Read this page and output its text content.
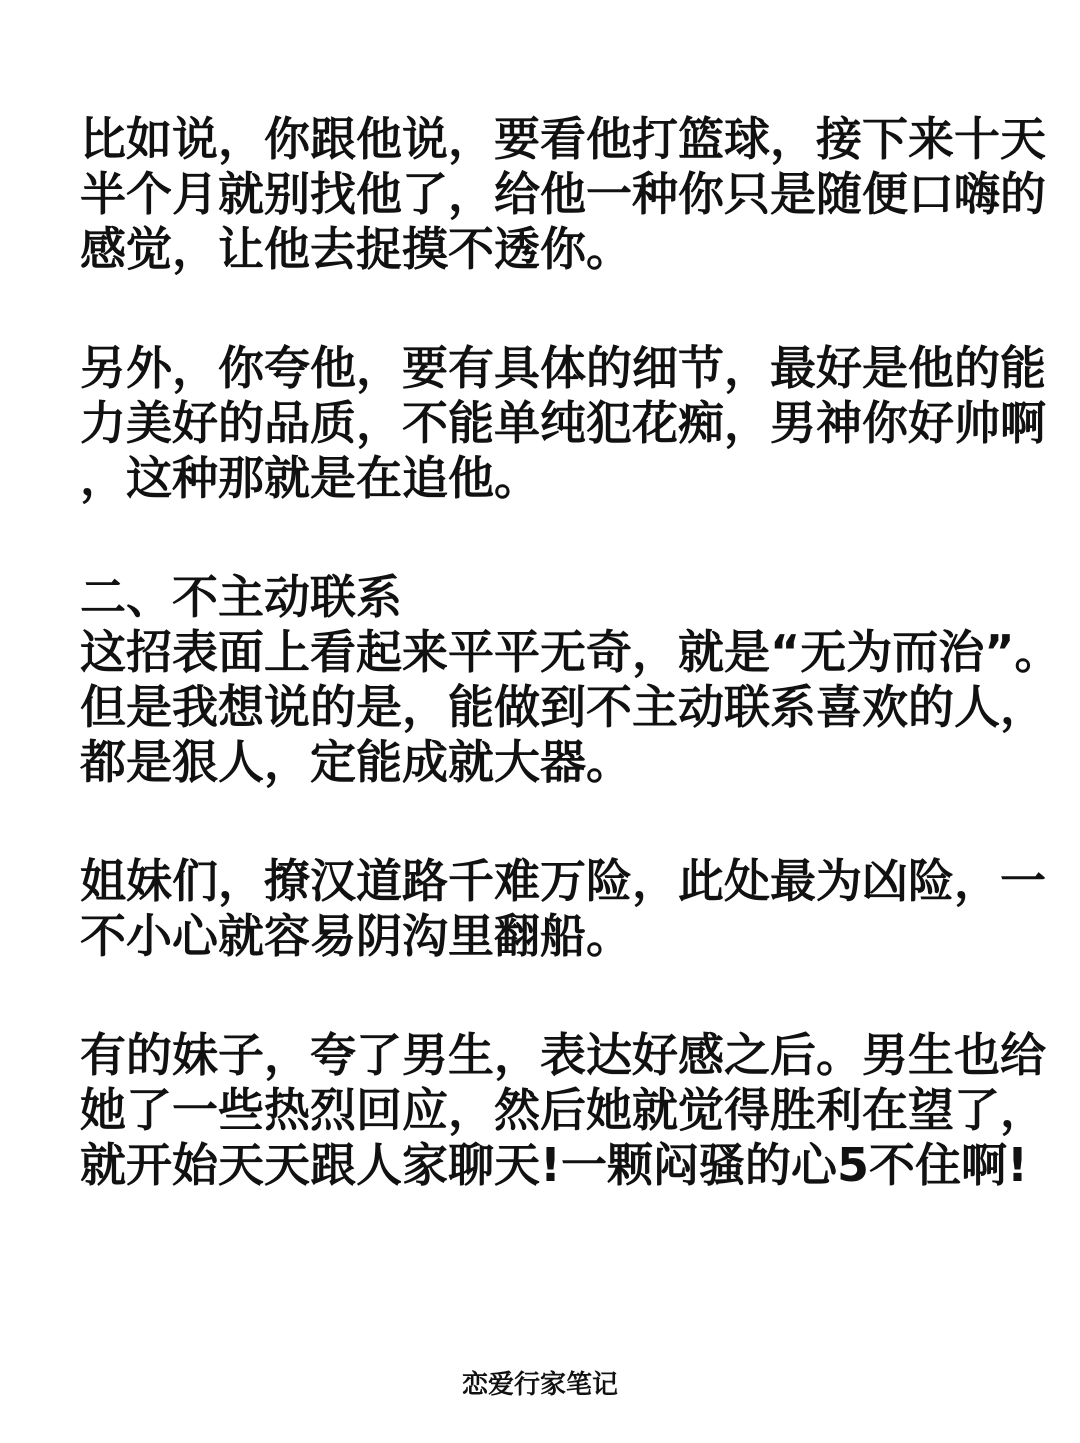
比如说，你跟他说，要看他打篮球，接下来十天
半个月就别找他了，给他一种你只是随便口嗨的
感觉，让他去捉摸不透你。
另外，你夸他，要有具体的细节，最好是他的能
力美好的品质，不能单纯犯花痴，男神你好帅啊
，这种那就是在追他。
二、不主动联系
这招表面上看起来平平无奇，就是“无为而治”。
但是我想说的是，能做到不主动联系喜欢的人，
都是狠人，定能成就大器。
姐妹们，撩汉道路千难万险，此处最为凶险，一
不小心就容易阴沟里翻船。
有的妹子，夸了男生，表达好感之后。男生也给
她了一些热烈回应，然后她就觉得胜利在望了，
就开始天天跟人家聊天!一颗闷骚的心5不住啊!
恋爱行家笔记
